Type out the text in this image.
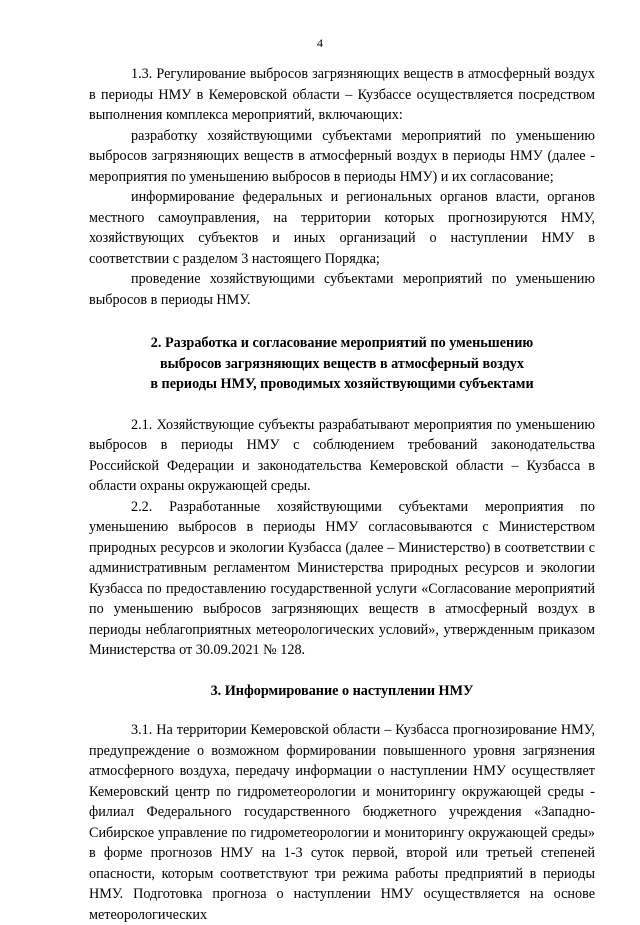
4

1.3. Регулирование выбросов загрязняющих веществ в атмосферный воздух в периоды НМУ в Кемеровской области – Кузбассе осуществляется посредством выполнения комплекса мероприятий, включающих:

разработку хозяйствующими субъектами мероприятий по уменьшению выбросов загрязняющих веществ в атмосферный воздух в периоды НМУ (далее - мероприятия по уменьшению выбросов в периоды НМУ) и их согласование;

информирование федеральных и региональных органов власти, органов местного самоуправления, на территории которых прогнозируются НМУ, хозяйствующих субъектов и иных организаций о наступлении НМУ в соответствии с разделом 3 настоящего Порядка;

проведение хозяйствующими субъектами мероприятий по уменьшению выбросов в периоды НМУ.

2. Разработка и согласование мероприятий по уменьшению

выбросов загрязняющих веществ в атмосферный воздух

в периоды НМУ, проводимых хозяйствующими субъектами

2.1. Хозяйствующие субъекты разрабатывают мероприятия по уменьшению выбросов в периоды НМУ с соблюдением требований законодательства Российской Федерации и законодательства Кемеровской области – Кузбасса в области охраны окружающей среды.

2.2. Разработанные хозяйствующими субъектами мероприятия по уменьшению выбросов в периоды НМУ согласовываются с Министерством природных ресурсов и экологии Кузбасса (далее – Министерство) в соответствии с административным регламентом Министерства природных ресурсов и экологии Кузбасса по предоставлению государственной услуги «Согласование мероприятий по уменьшению выбросов загрязняющих веществ в атмосферный воздух в периоды неблагоприятных метеорологических условий», утвержденным приказом Министерства от 30.09.2021 № 128.

3. Информирование о наступлении НМУ

3.1. На территории Кемеровской области – Кузбасса прогнозирование НМУ, предупреждение о возможном формировании повышенного уровня загрязнения атмосферного воздуха, передачу информации о наступлении НМУ осуществляет Кемеровский центр по гидрометеорологии и мониторингу окружающей среды - филиал Федерального государственного бюджетного учреждения «Западно-Сибирское управление по гидрометеорологии и мониторингу окружающей среды» в форме прогнозов НМУ на 1-3 суток первой, второй или третьей степеней опасности, которым соответствуют три режима работы предприятий в периоды НМУ. Подготовка прогноза о наступлении НМУ осуществляется на основе метеорологических
